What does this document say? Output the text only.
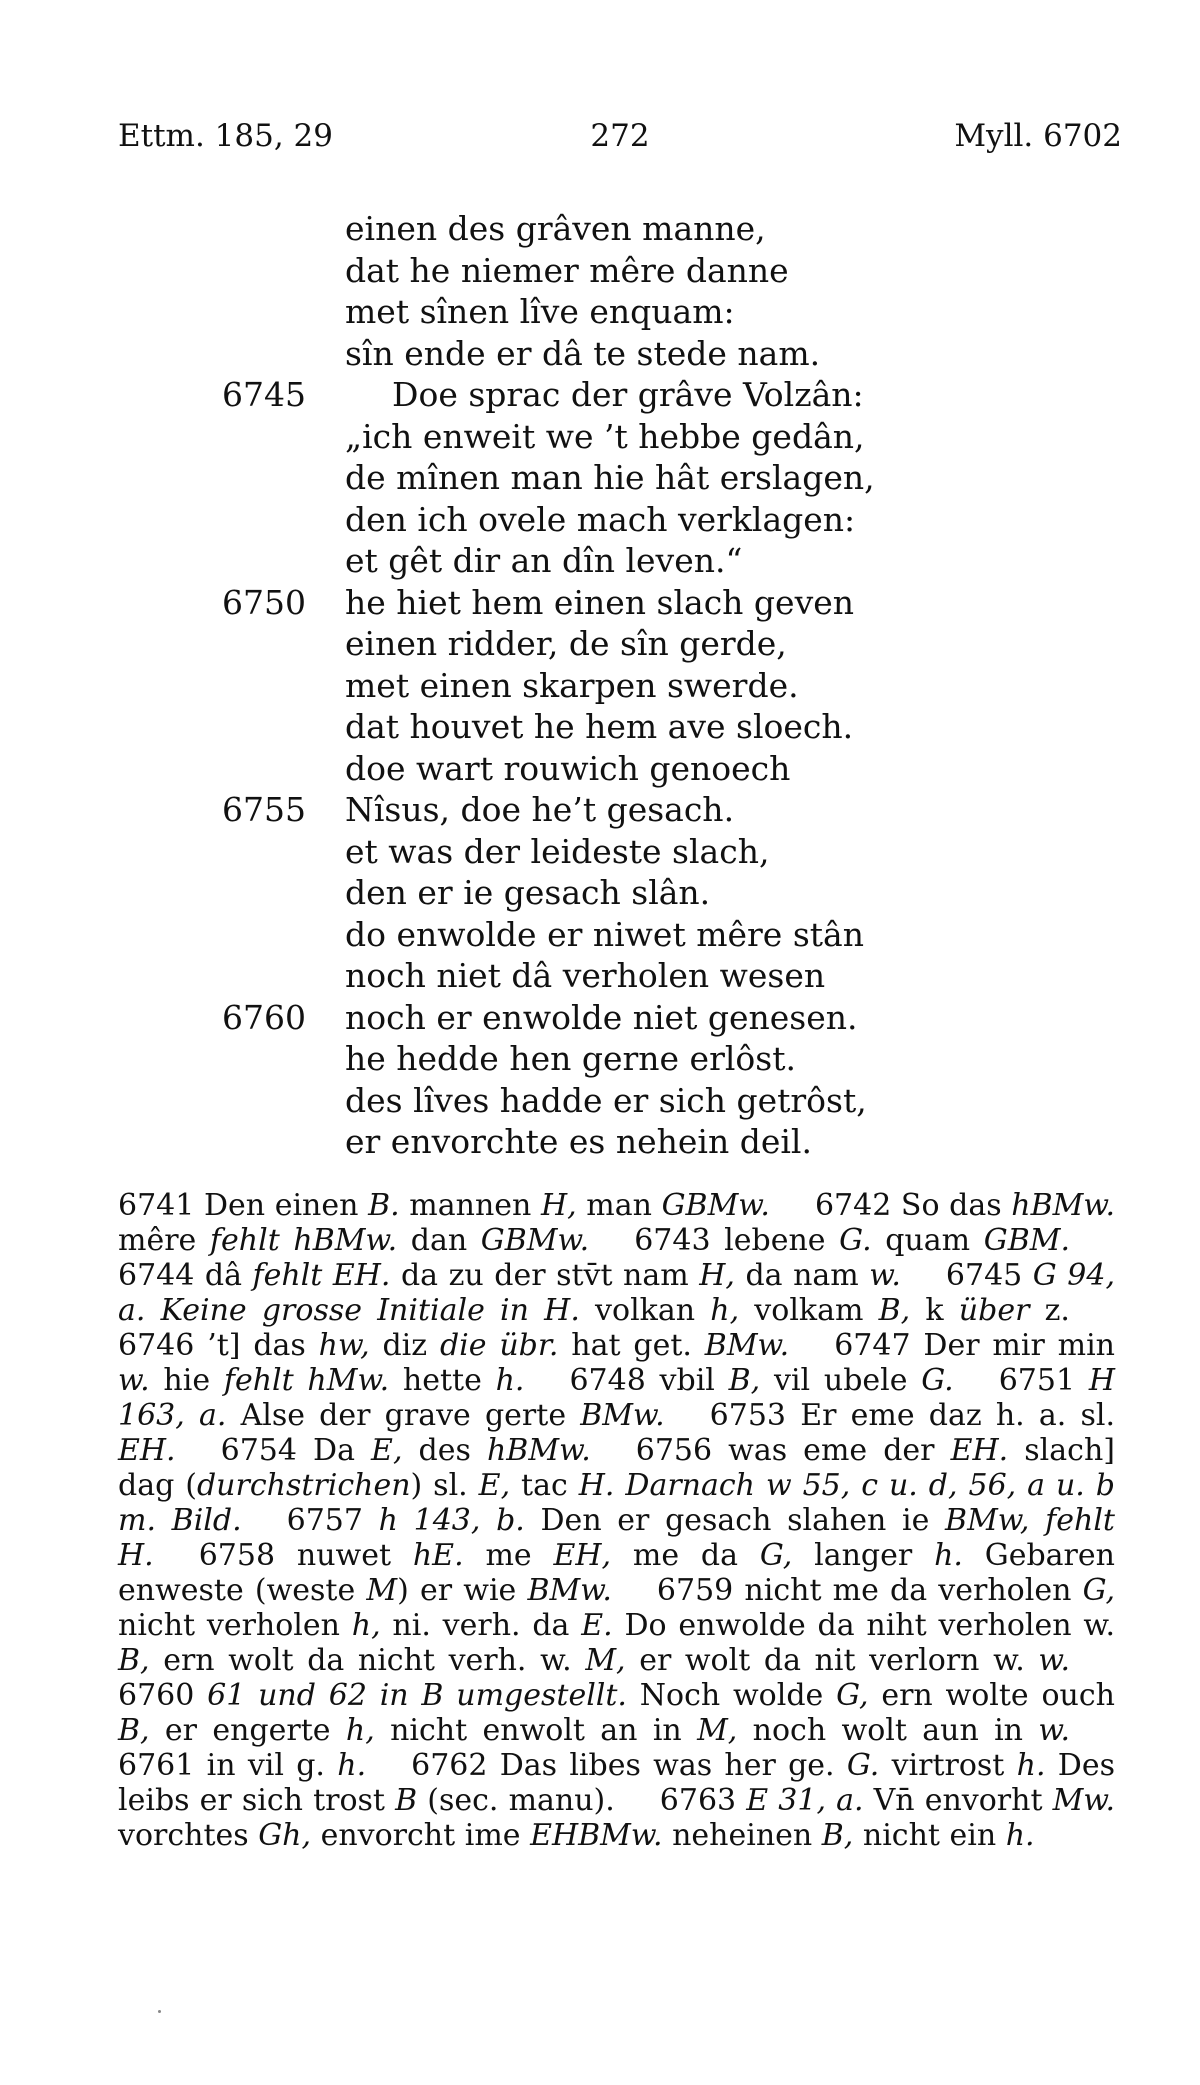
Ettm. 185, 29	272	Myll. 6702
einen des grâven manne,
dat he niemer mêre danne
met sînen lîve enquam:
sîn ende er dâ te stede nam.
6745	Doe sprac der grâve Volzân:
„ich enweit we ’t hebbe gedân,
de mînen man hie hât erslagen,
den ich ovele mach verklagen:
et gêt dir an dîn leven.“
6750 he hiet hem einen slach geven
einen ridder, de sîn gerde,
met einen skarpen swerde.
dat houvet he hem ave sloech.
doe wart rouwich genoech
6755 Nîsus, doe he’t gesach.
et was der leideste slach,
den er ie gesach slân.
do enwolde er niwet mêre stân
noch niet dâ verholen wesen
6760 noch er enwolde niet genesen.
he hedde hen gerne erlôst.
des lîves hadde er sich getrôst,
er envorchte es nehein deil.
6741 Den einen B. mannen H, man GBMw.   6742 So das hBMw. mêre fehlt hBMw. dan GBMw.   6743 lebene G. quam GBM.  6744 dâ fehlt EH. da zu der stv̄t nam H, da nam w.   6745 G 94, a. Keine grosse Initiale in H. volkan h, volkam B, k über z.  6746 ’t] das hw, diz die übr. hat get. BMw.   6747 Der mir min w. hie fehlt hMw. hette h.   6748 vbil B, vil ubele G.   6751 H 163, a. Alse der grave gerte BMw.   6753 Er eme daz h. a. sl. EH.   6754 Da E, des hBMw.   6756 was eme der EH. slach] dag (durchstrichen) sl. E, tac H. Darnach w 55, c u. d, 56, a u. b m. Bild.   6757 h 143, b. Den er gesach slahen ie BMw, fehlt H.   6758 nuwet hE. me EH, me da G, langer h. Gebaren enweste (weste M) er wie BMw.   6759 nicht me da verholen G, nicht verholen h, ni. verh. da E. Do enwolde da niht verholen w. B, ern wolt da nicht verh. w. M, er wolt da nit verlorn w. w.  6760 61 und 62 in B umgestellt. Noch wolde G, ern wolte ouch B, er engerte h, nicht enwolt an in M, noch wolt aun in w.  6761 in vil g. h.   6762 Das libes was her ge. G. virtrost h. Des leibs er sich trost B (sec. manu).   6763 E 31, a. Vn̄ envorht Mw. vorchtes Gh, envorcht ime EHBMw. neheinen B, nicht ein h.
